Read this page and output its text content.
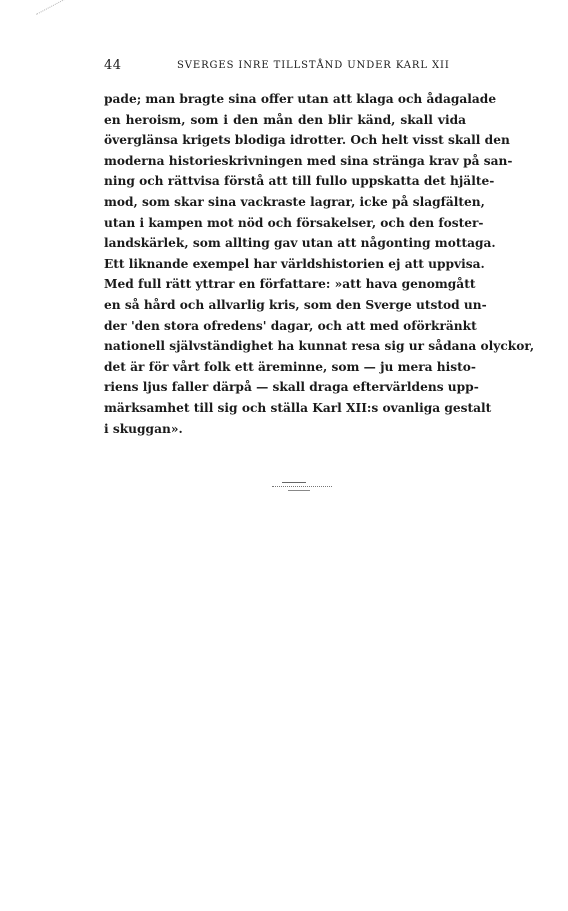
44	SVERGES INRE TILLSTÅND UNDER KARL XII
pade; man bragte sina offer utan att klaga och ådagalade
en heroism, som i den mån den blir känd, skall vida
överglänsa krigets blodiga idrotter. Och helt visst skall den
moderna historieskrivningen med sina stränga krav på san-
ning och rättvisa förstå att till fullo uppskatta det hjälte-
mod, som skar sina vackraste lagrar, icke på slagfälten,
utan i kampen mot nöd och försakelser, och den foster-
landskärlek, som allting gav utan att någonting mottaga.
Ett liknande exempel har världshistorien ej att uppvisa.
Med full rätt yttrar en författare: »att hava genomgått
en så hård och allvarlig kris, som den Sverge utstod un-
der 'den stora ofredens' dagar, och att med oförkränkt
nationell självständighet ha kunnat resa sig ur sådana olyckor,
det är för vårt folk ett äreminne, som — ju mera histo-
riens ljus faller därpå — skall draga eftervärldens upp-
märksamhet till sig och ställa Karl XII:s ovanliga gestalt
i skuggan».
